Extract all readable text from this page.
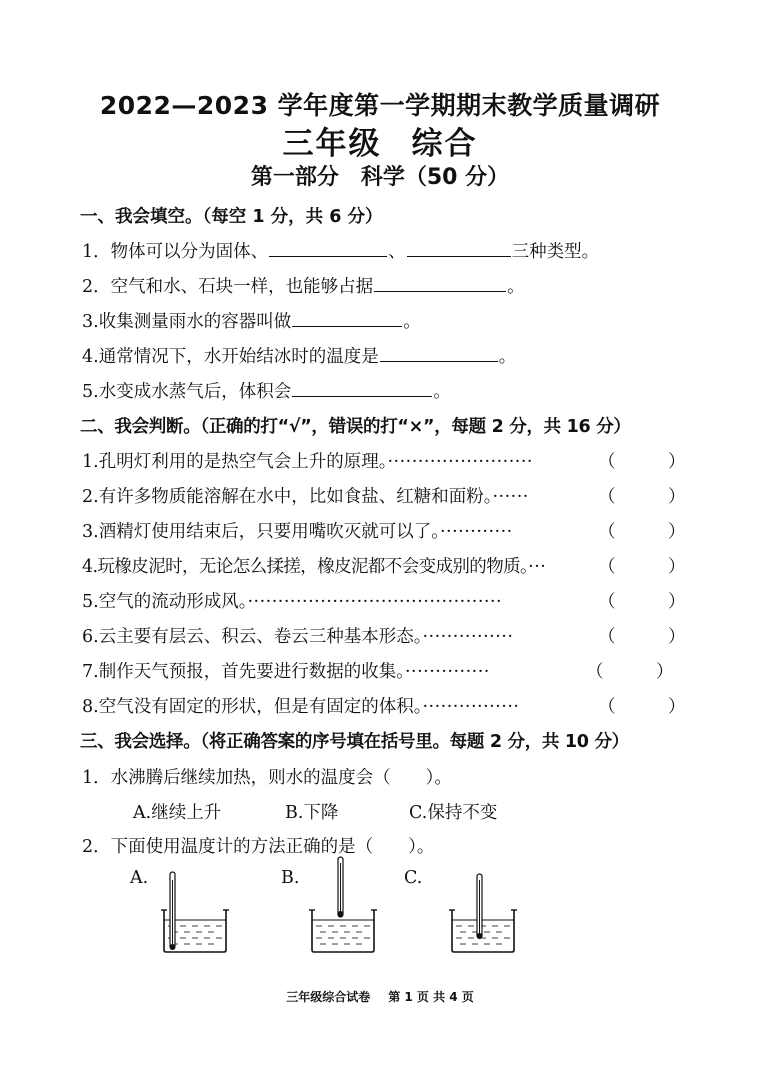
2022—2023 学年度第一学期期末教学质量调研
三年级 综合
第一部分 科学（50 分）
一、我会填空。（每空 1 分，共 6 分）
1．物体可以分为固体、	、	三种类型。
2．空气和水、石块一样，也能够占据	。
3.收集测量雨水的容器叫做	。
4.通常情况下，水开始结冰时的温度是	。
5.水变成水蒸气后，体积会	。
二、我会判断。（正确的打“√”，错误的打“×”，每题 2 分，共 16 分）
1.孔明灯利用的是热空气会上升的原理。························	（　　　）
2.有许多物质能溶解在水中，比如食盐、红糖和面粉。······	（　　　）
3.酒精灯使用结束后，只要用嘴吹灭就可以了。············	（　　　）
4.玩橡皮泥时，无论怎么揉搓，橡皮泥都不会变成别的物质。···	（　　　）
5.空气的流动形成风。··········································	（　　　）
6.云主要有层云、积云、卷云三种基本形态。···············	（　　　）
7.制作天气预报，首先要进行数据的收集。··············	（　　　）
8.空气没有固定的形状，但是有固定的体积。················	（　　　）
三、我会选择。（将正确答案的序号填在括号里。每题 2 分，共 10 分）
1．水沸腾后继续加热，则水的温度会（　　）。
A.继续上升	B.下降	C.保持不变
2．下面使用温度计的方法正确的是（　　）。
A.	B.	C.
三年级综合试卷 第 1 页 共 4 页
